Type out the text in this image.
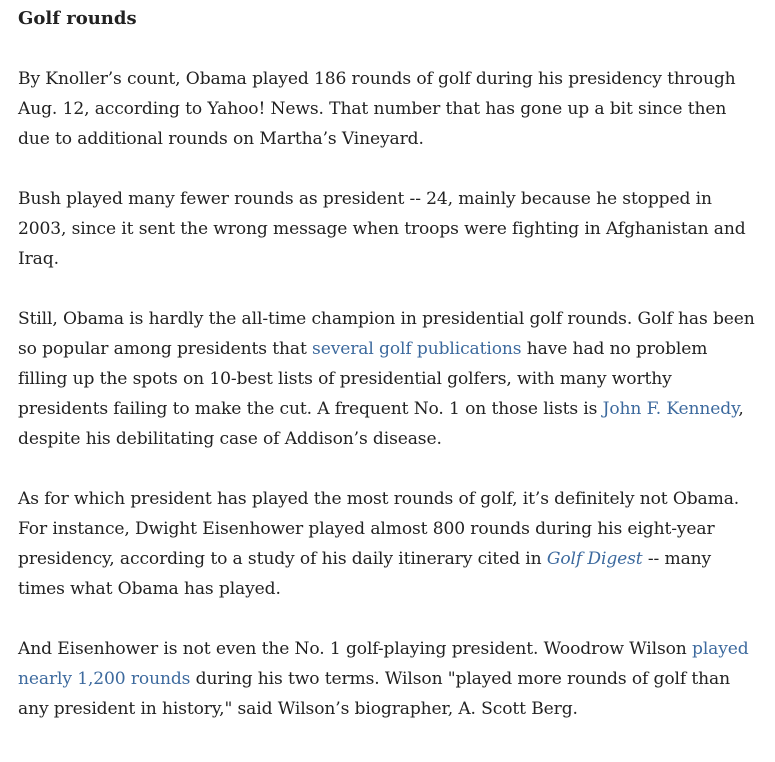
Golf rounds

By Knoller’s count, Obama played 186 rounds of golf during his presidency through Aug. 12, according to Yahoo! News. That number that has gone up a bit since then due to additional rounds on Martha’s Vineyard.

Bush played many fewer rounds as president -- 24, mainly because he stopped in 2003, since it sent the wrong message when troops were fighting in Afghanistan and Iraq.

Still, Obama is hardly the all-time champion in presidential golf rounds. Golf has been so popular among presidents that several golf publications have had no problem filling up the spots on 10-best lists of presidential golfers, with many worthy presidents failing to make the cut. A frequent No. 1 on those lists is John F. Kennedy, despite his debilitating case of Addison’s disease.

As for which president has played the most rounds of golf, it’s definitely not Obama. For instance, Dwight Eisenhower played almost 800 rounds during his eight-year presidency, according to a study of his daily itinerary cited in Golf Digest -- many times what Obama has played.

And Eisenhower is not even the No. 1 golf-playing president. Woodrow Wilson played nearly 1,200 rounds during his two terms. Wilson "played more rounds of golf than any president in history," said Wilson’s biographer, A. Scott Berg.
